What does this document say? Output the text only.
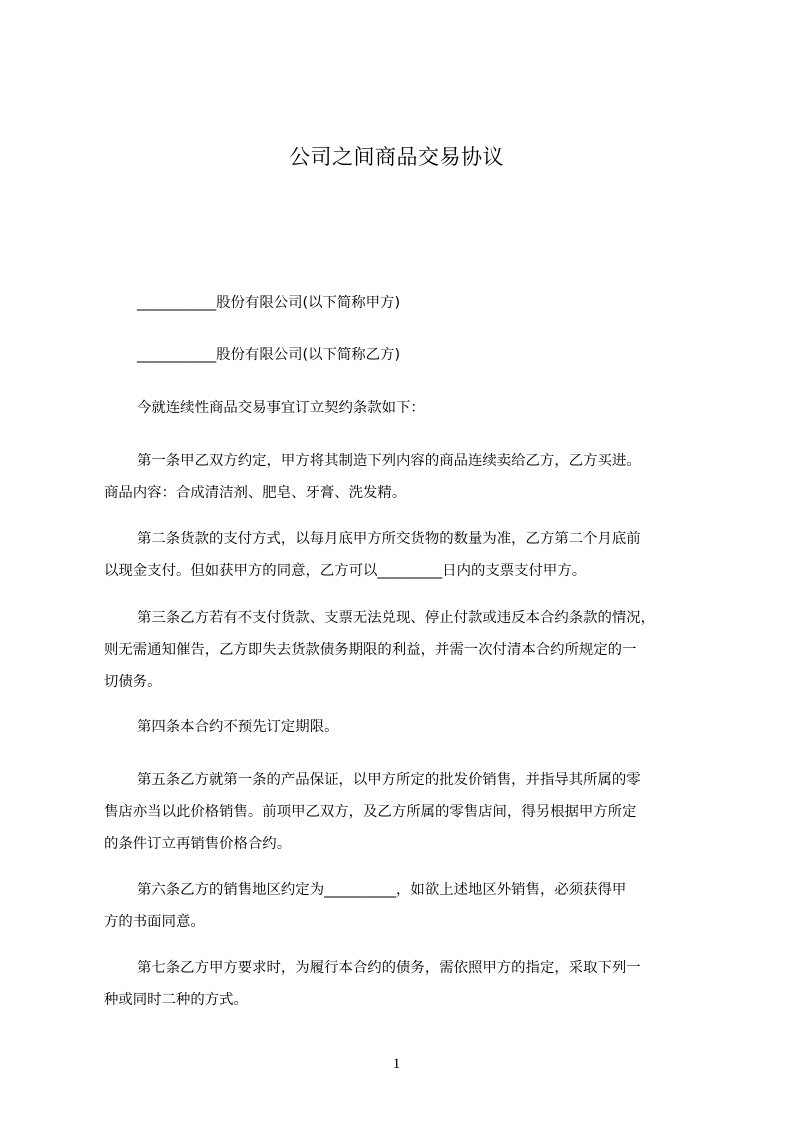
公司之间商品交易协议
___________股份有限公司(以下简称甲方)
___________股份有限公司(以下简称乙方)
今就连续性商品交易事宜订立契约条款如下：
第一条甲乙双方约定，甲方将其制造下列内容的商品连续卖给乙方，乙方买进。
商品内容：合成清洁剂、肥皂、牙膏、洗发精。
第二条货款的支付方式，以每月底甲方所交货物的数量为准，乙方第二个月底前
以现金支付。但如获甲方的同意，乙方可以_________日内的支票支付甲方。
第三条乙方若有不支付货款、支票无法兑现、停止付款或违反本合约条款的情况，
则无需通知催告，乙方即失去货款债务期限的利益，并需一次付清本合约所规定的一
切债务。
第四条本合约不预先订定期限。
第五条乙方就第一条的产品保证，以甲方所定的批发价销售，并指导其所属的零
售店亦当以此价格销售。前项甲乙双方，及乙方所属的零售店间，得另根据甲方所定
的条件订立再销售价格合约。
第六条乙方的销售地区约定为__________，如欲上述地区外销售，必须获得甲
方的书面同意。
第七条乙方甲方要求时，为履行本合约的债务，需依照甲方的指定，采取下列一
种或同时二种的方式。
1
